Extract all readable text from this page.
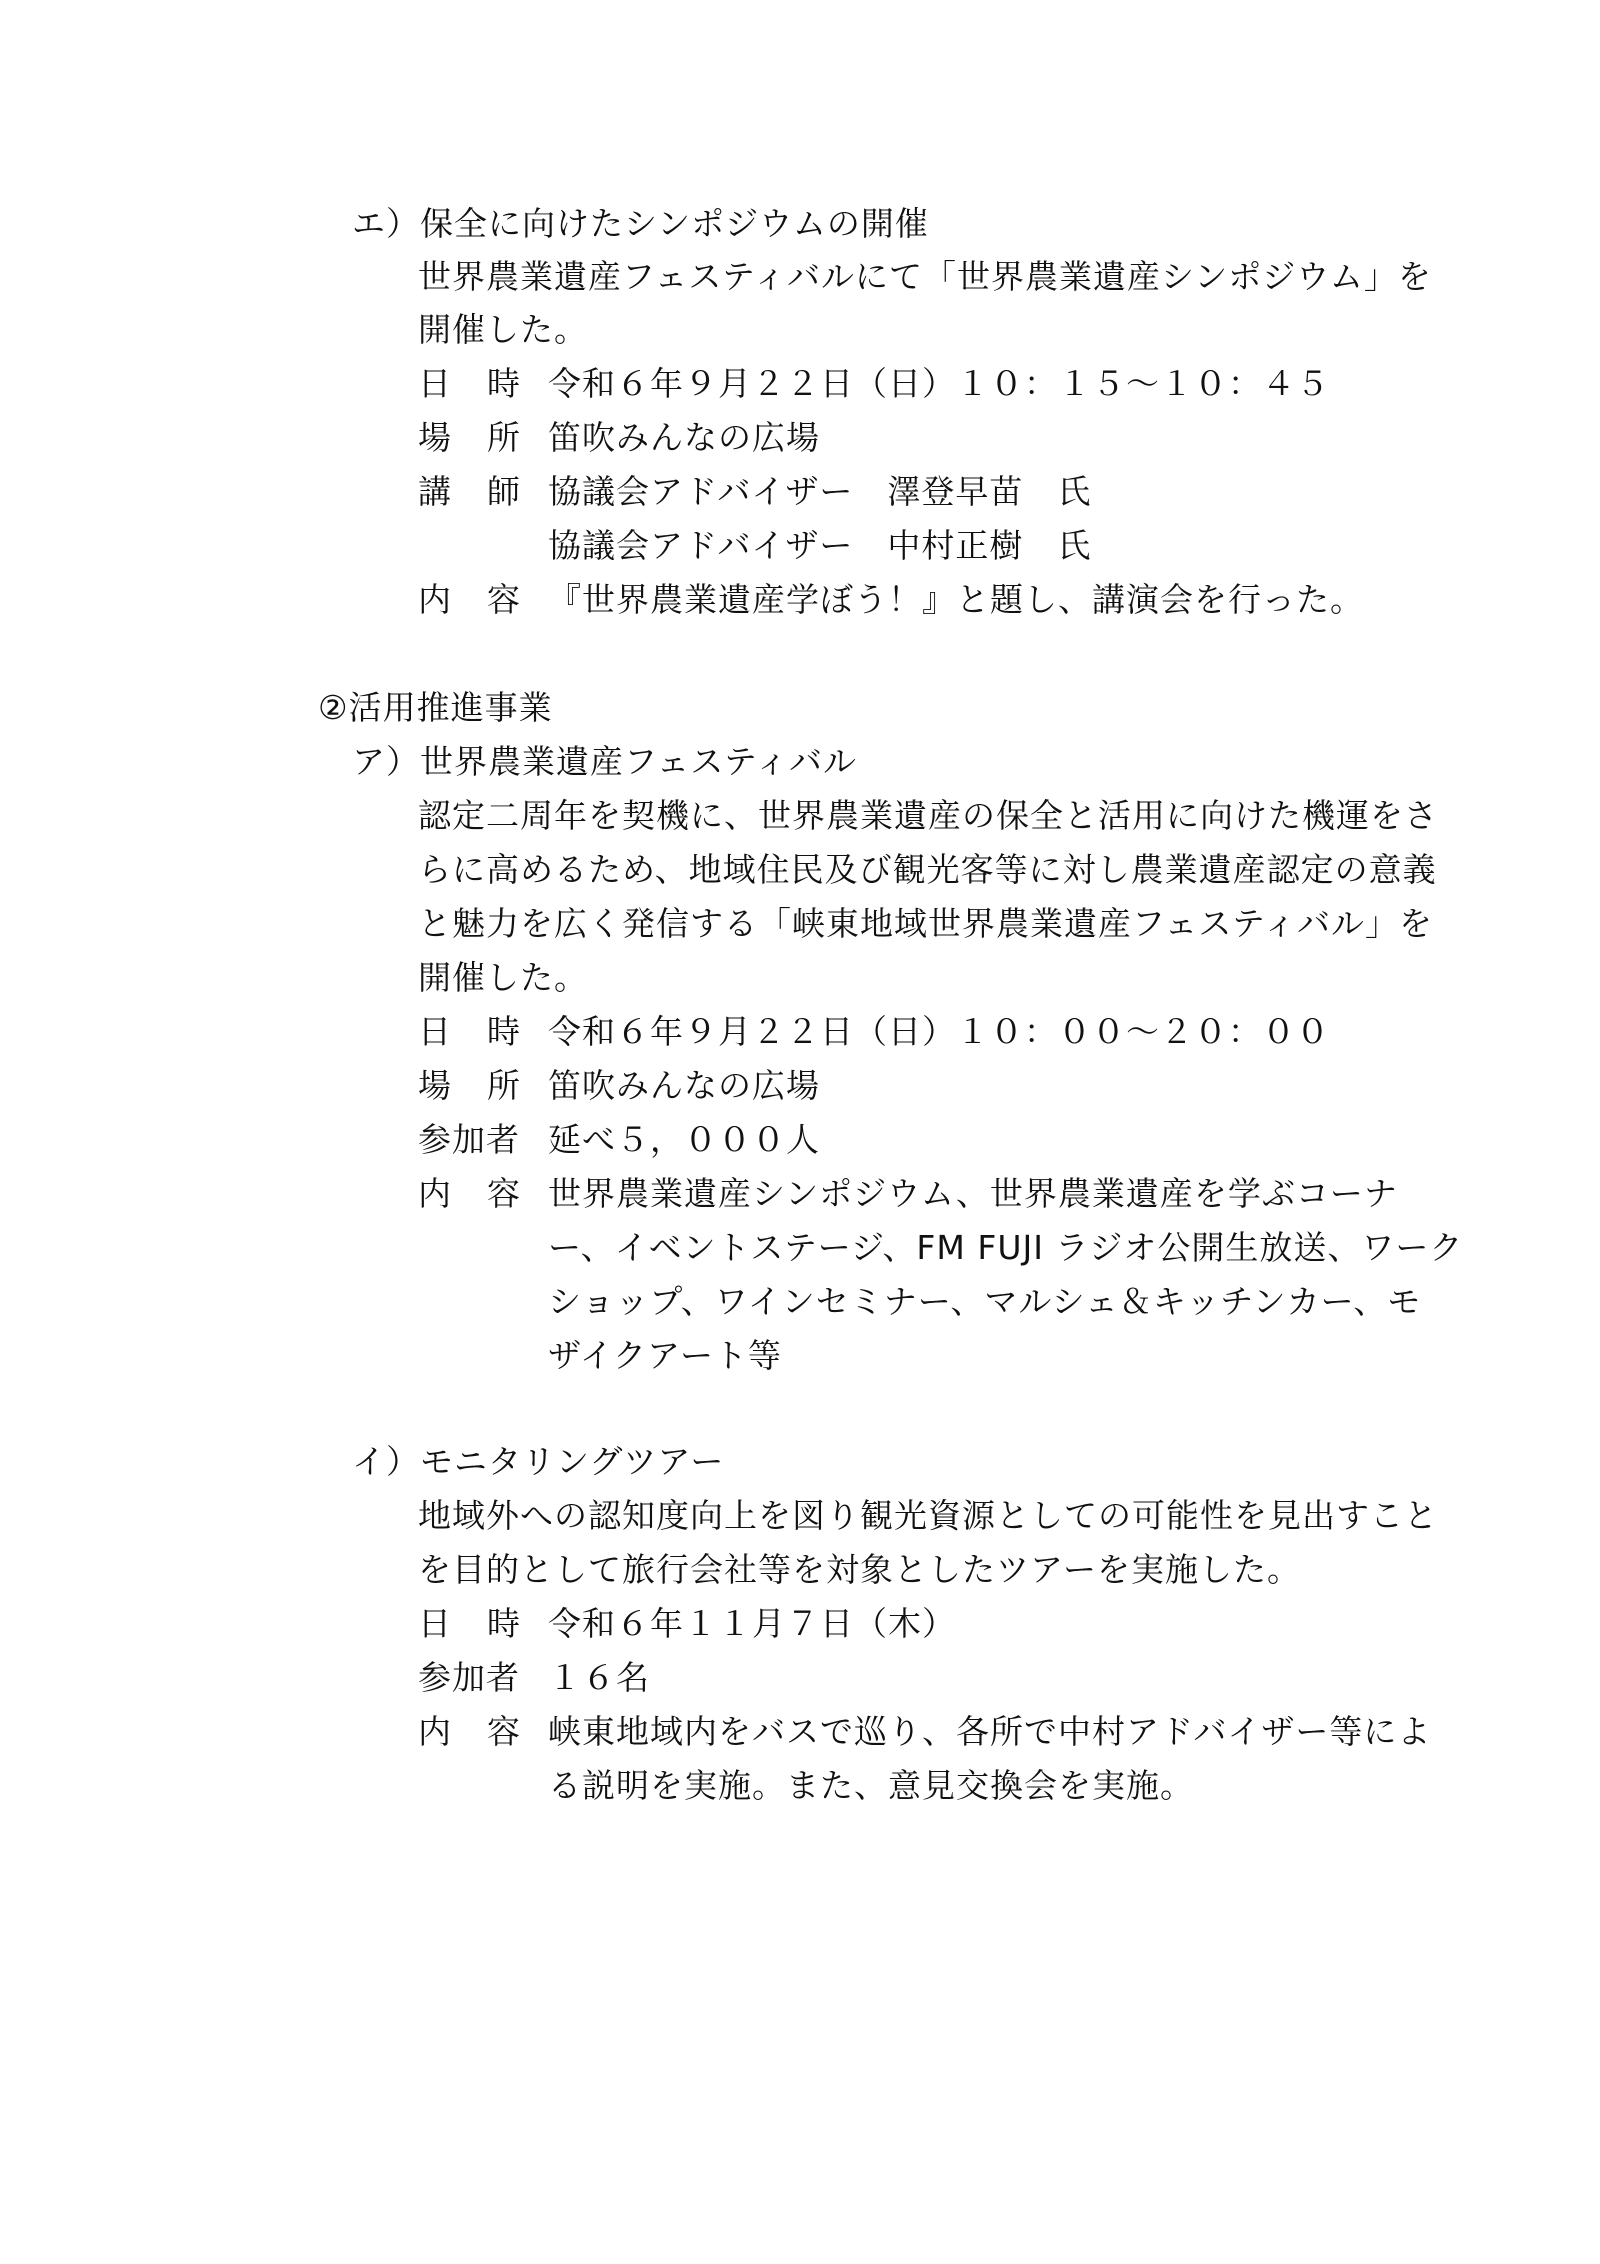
エ）保全に向けたシンポジウムの開催
世界農業遺産フェスティバルにて「世界農業遺産シンポジウム」を
開催した。
日 時 令和６年９月２２日（日）１０：１５～１０：４５
場 所 笛吹みんなの広場
講 師 協議会アドバイザー　澤登早苗　氏
協議会アドバイザー　中村正樹　氏
内 容 『世界農業遺産学ぼう！』と題し、講演会を行った。
②活用推進事業
ア）世界農業遺産フェスティバル
認定二周年を契機に、世界農業遺産の保全と活用に向けた機運をさ
らに高めるため、地域住民及び観光客等に対し農業遺産認定の意義
と魅力を広く発信する「峡東地域世界農業遺産フェスティバル」を
開催した。
日 時 令和６年９月２２日（日）１０：００～２０：００
場 所 笛吹みんなの広場
参加者 延べ５，０００人
内 容 世界農業遺産シンポジウム、世界農業遺産を学ぶコーナ
ー、イベントステージ、FM FUJI ラジオ公開生放送、ワーク
ショップ、ワインセミナー、マルシェ＆キッチンカー、モ
ザイクアート等
イ）モニタリングツアー
地域外への認知度向上を図り観光資源としての可能性を見出すこと
を目的として旅行会社等を対象としたツアーを実施した。
日 時 令和６年１１月７日（木）
参加者 １６名
内 容 峡東地域内をバスで巡り、各所で中村アドバイザー等によ
る説明を実施。また、意見交換会を実施。
